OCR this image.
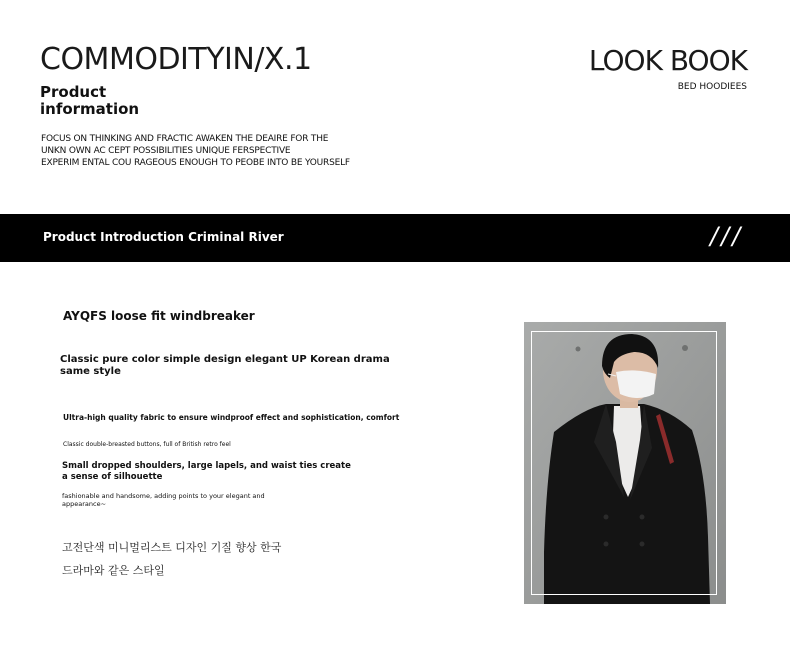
COMMODITYIN/X.1
Product
information
FOCUS ON THINKING AND FRACTIC AWAKEN THE DEAIRE FOR THE
UNKN OWN AC CEPT POSSIBILITIES UNIQUE FERSPECTIVE
EXPERIM ENTAL COU RAGEOUS ENOUGH TO PEOBE INTO BE YOURSELF
LOOK BOOK
BED HOODIEES
Product Introduction Criminal River	///
AYQFS loose fit windbreaker
Classic pure color simple design elegant UP Korean drama same style
Ultra-high quality fabric to ensure windproof effect and sophistication, comfort
Classic double-breasted buttons, full of British retro feel
Small dropped shoulders, large lapels, and waist ties create a sense of silhouette
fashionable and handsome, adding points to your elegant and appearance~
고전단색 미니멀리스트 디자인 기질 향상 한국
드라마와 같은 스타일
